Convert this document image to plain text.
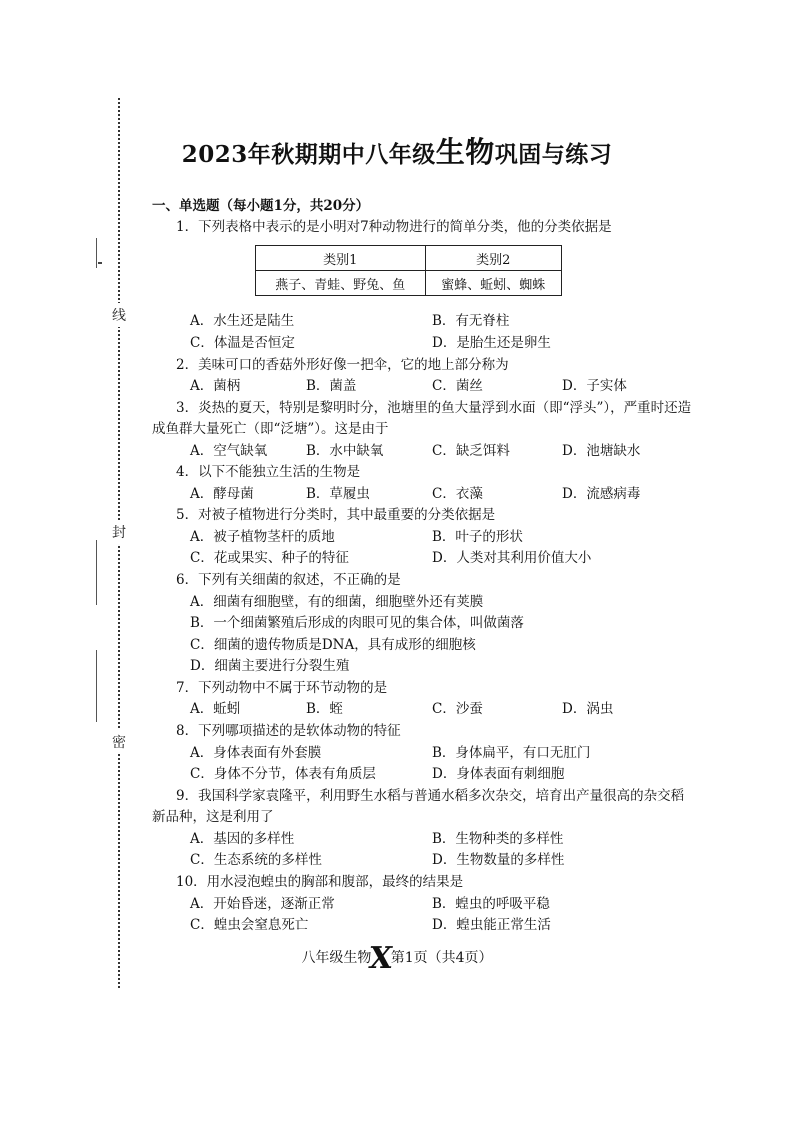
线
封
密
2023年秋期期中八年级生物巩固与练习
一、单选题（每小题1分，共20分）
1．下列表格中表示的是小明对7种动物进行的简单分类，他的分类依据是
类别1	类别2
燕子、青蛙、野兔、鱼	蜜蜂、蚯蚓、蜘蛛
A．水生还是陆生	B．有无脊柱
C．体温是否恒定	D．是胎生还是卵生
2．美味可口的香菇外形好像一把伞，它的地上部分称为
A．菌柄	B．菌盖	C．菌丝	D．子实体
3．炎热的夏天，特别是黎明时分，池塘里的鱼大量浮到水面（即“浮头”），严重时还造
成鱼群大量死亡（即“泛塘”）。这是由于
A．空气缺氧	B．水中缺氧	C．缺乏饵料	D．池塘缺水
4．以下不能独立生活的生物是
A．酵母菌	B．草履虫	C．衣藻	D．流感病毒
5．对被子植物进行分类时，其中最重要的分类依据是
A．被子植物茎杆的质地	B．叶子的形状
C．花或果实、种子的特征	D．人类对其利用价值大小
6．下列有关细菌的叙述，不正确的是
A．细菌有细胞壁，有的细菌，细胞壁外还有荚膜
B．一个细菌繁殖后形成的肉眼可见的集合体，叫做菌落
C．细菌的遗传物质是DNA，具有成形的细胞核
D．细菌主要进行分裂生殖
7．下列动物中不属于环节动物的是
A．蚯蚓	B．蛭	C．沙蚕	D．涡虫
8．下列哪项描述的是软体动物的特征
A．身体表面有外套膜	B．身体扁平，有口无肛门
C．身体不分节，体表有角质层	D．身体表面有刺细胞
9．我国科学家袁隆平，利用野生水稻与普通水稻多次杂交，培育出产量很高的杂交稻
新品种，这是利用了
A．基因的多样性	B．生物种类的多样性
C．生态系统的多样性	D．生物数量的多样性
10．用水浸泡蝗虫的胸部和腹部，最终的结果是
A．开始昏迷，逐渐正常	B．蝗虫的呼吸平稳
C．蝗虫会窒息死亡	D．蝗虫能正常生活
八年级生物X第1页（共4页）
